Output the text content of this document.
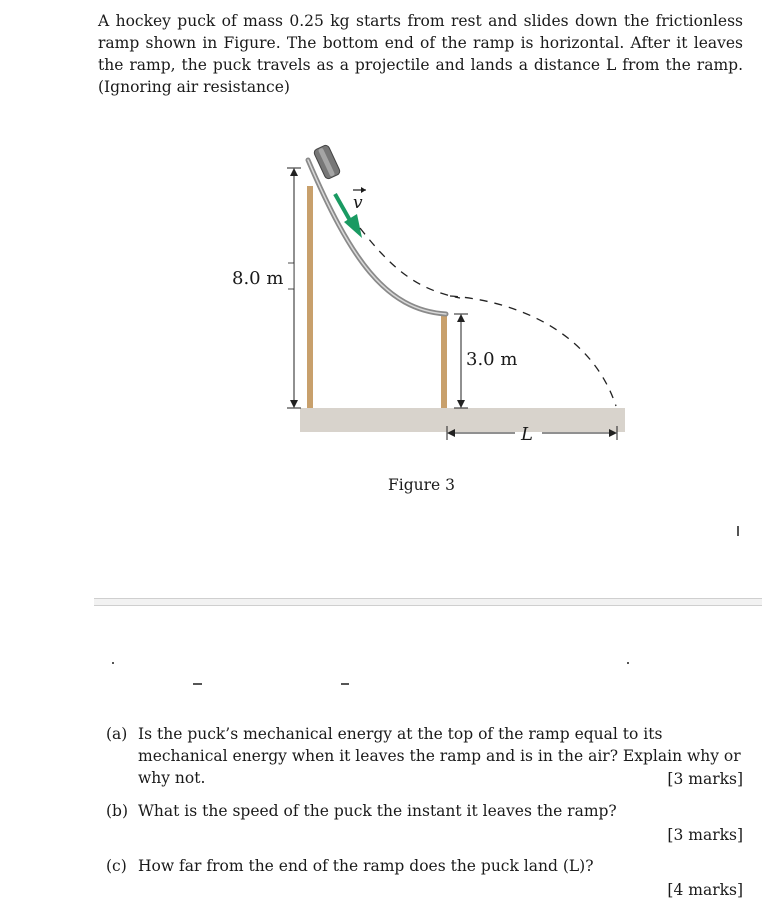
A hockey puck of mass 0.25 kg starts from rest and slides down the frictionless ramp shown in Figure. The bottom end of the ramp is horizontal. After it leaves the ramp, the puck travels as a projectile and lands a distance L from the ramp. (Ignoring air resistance)
v
8.0 m
3.0 m
L
Figure 3
(a) Is the puck’s mechanical energy at the top of the ramp equal to its mechanical energy when it leaves the ramp and is in the air? Explain why or why not.	[3 marks]
(b) What is the speed of the puck the instant it leaves the ramp?
[3 marks]
(c) How far from the end of the ramp does the puck land (L)?
[4 marks]
